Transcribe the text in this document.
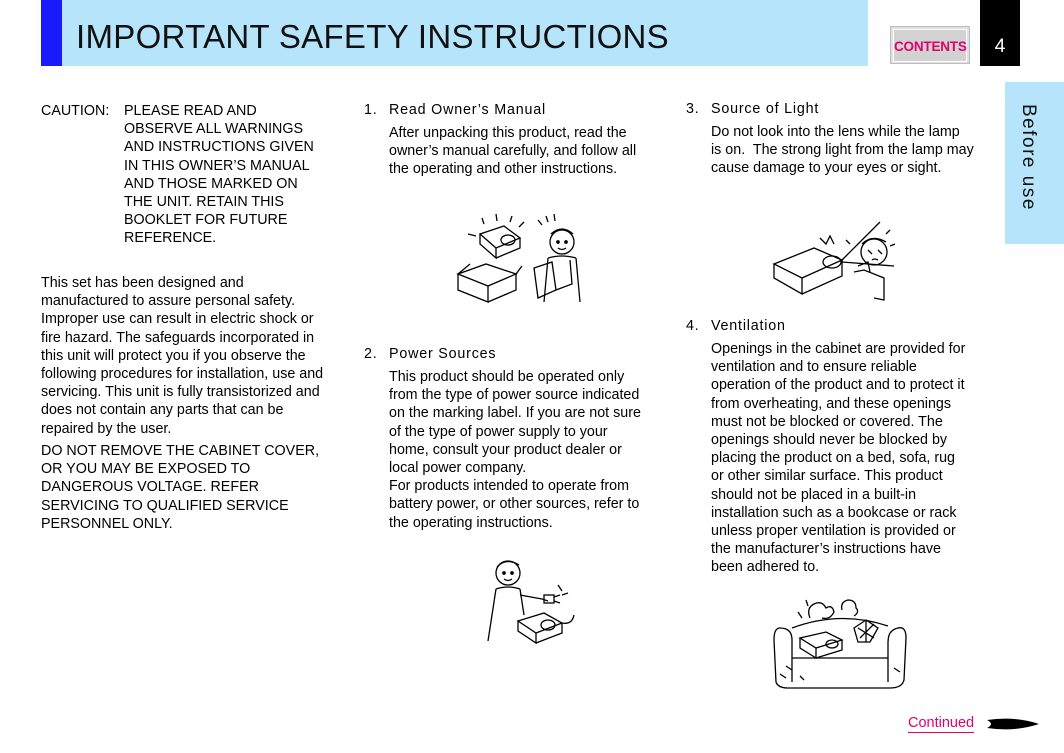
IMPORTANT SAFETY INSTRUCTIONS	CONTENTS	4
Before use
CAUTION: PLEASE READ AND
OBSERVE ALL WARNINGS
AND INSTRUCTIONS GIVEN
IN THIS OWNER’S MANUAL
AND THOSE MARKED ON
THE UNIT. RETAIN THIS
BOOKLET FOR FUTURE
REFERENCE.
This set has been designed and
manufactured to assure personal safety.
Improper use can result in electric shock or
fire hazard. The safeguards incorporated in
this unit will protect you if you observe the
following procedures for installation, use and
servicing. This unit is fully transistorized and
does not contain any parts that can be
repaired by the user.
DO NOT REMOVE THE CABINET COVER,
OR YOU MAY BE EXPOSED TO
DANGEROUS VOLTAGE. REFER
SERVICING TO QUALIFIED SERVICE
PERSONNEL ONLY.
1. Read Owner’s Manual
After unpacking this product, read the
owner’s manual carefully, and follow all
the operating and other instructions.
2. Power Sources
This product should be operated only
from the type of power source indicated
on the marking label. If you are not sure
of the type of power supply to your
home, consult your product dealer or
local power company.
For products intended to operate from
battery power, or other sources, refer to
the operating instructions.
3. Source of Light
Do not look into the lens while the lamp
is on.  The strong light from the lamp may
cause damage to your eyes or sight.
4. Ventilation
Openings in the cabinet are provided for
ventilation and to ensure reliable
operation of the product and to protect it
from overheating, and these openings
must not be blocked or covered. The
openings should never be blocked by
placing the product on a bed, sofa, rug
or other similar surface. This product
should not be placed in a built-in
installation such as a bookcase or rack
unless proper ventilation is provided or
the manufacturer’s instructions have
been adhered to.
Continued
